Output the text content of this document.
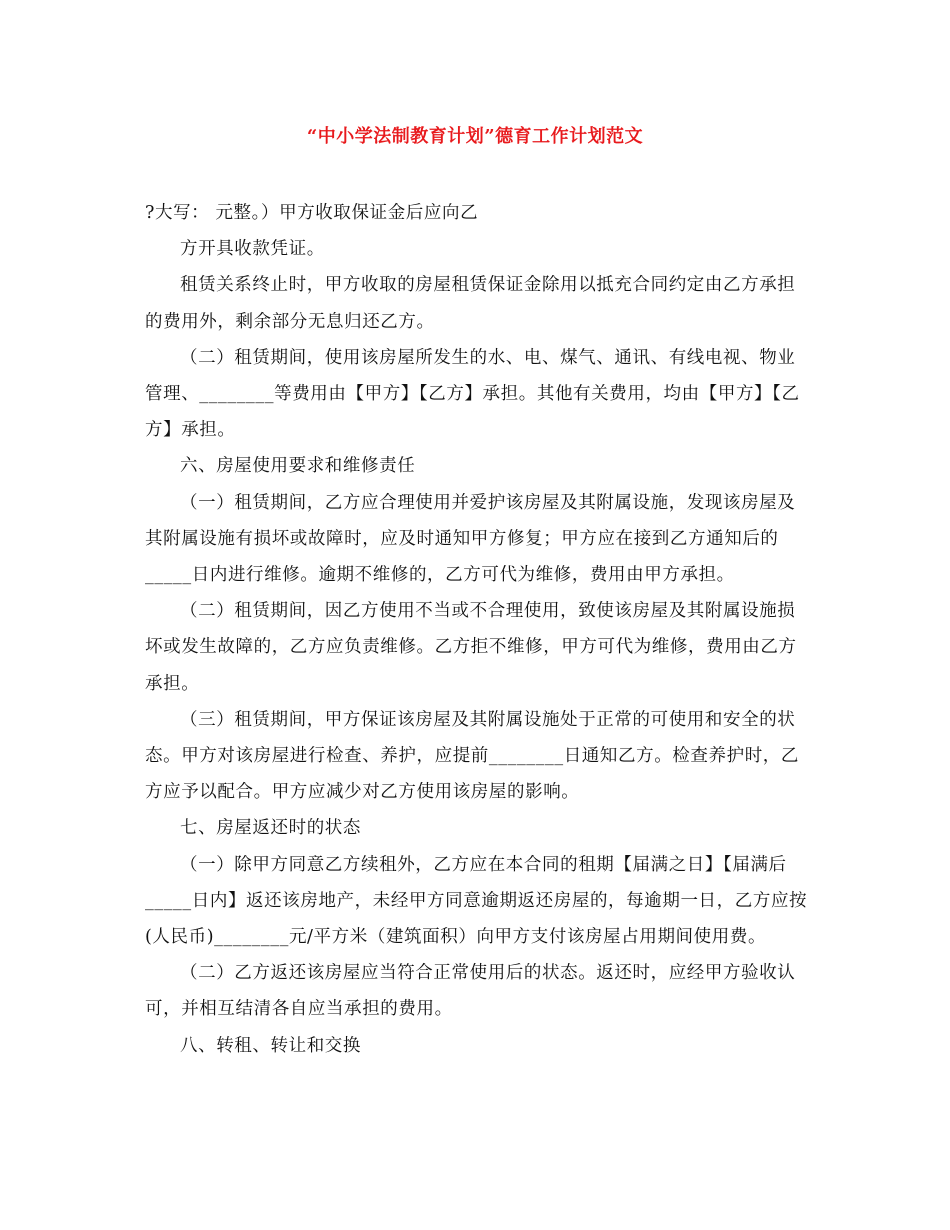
“中小学法制教育计划”德育工作计划范文

?大写： 元整。）甲方收取保证金后应向乙

方开具收款凭证。

租赁关系终止时，甲方收取的房屋租赁保证金除用以抵充合同约定由乙方承担的费用外，剩余部分无息归还乙方。

（二）租赁期间，使用该房屋所发生的水、电、煤气、通讯、有线电视、物业管理、________等费用由【甲方】【乙方】承担。其他有关费用，均由【甲方】【乙方】承担。

六、房屋使用要求和维修责任

（一）租赁期间，乙方应合理使用并爱护该房屋及其附属设施，发现该房屋及其附属设施有损坏或故障时，应及时通知甲方修复；甲方应在接到乙方通知后的_____日内进行维修。逾期不维修的，乙方可代为维修，费用由甲方承担。

（二）租赁期间，因乙方使用不当或不合理使用，致使该房屋及其附属设施损坏或发生故障的，乙方应负责维修。乙方拒不维修，甲方可代为维修，费用由乙方承担。

（三）租赁期间，甲方保证该房屋及其附属设施处于正常的可使用和安全的状态。甲方对该房屋进行检查、养护，应提前________日通知乙方。检查养护时，乙方应予以配合。甲方应减少对乙方使用该房屋的影响。

七、房屋返还时的状态

（一）除甲方同意乙方续租外，乙方应在本合同的租期【届满之日】【届满后_____日内】返还该房地产，未经甲方同意逾期返还房屋的，每逾期一日，乙方应按(人民币)________元/平方米（建筑面积）向甲方支付该房屋占用期间使用费。

（二）乙方返还该房屋应当符合正常使用后的状态。返还时，应经甲方验收认可，并相互结清各自应当承担的费用。

八、转租、转让和交换
